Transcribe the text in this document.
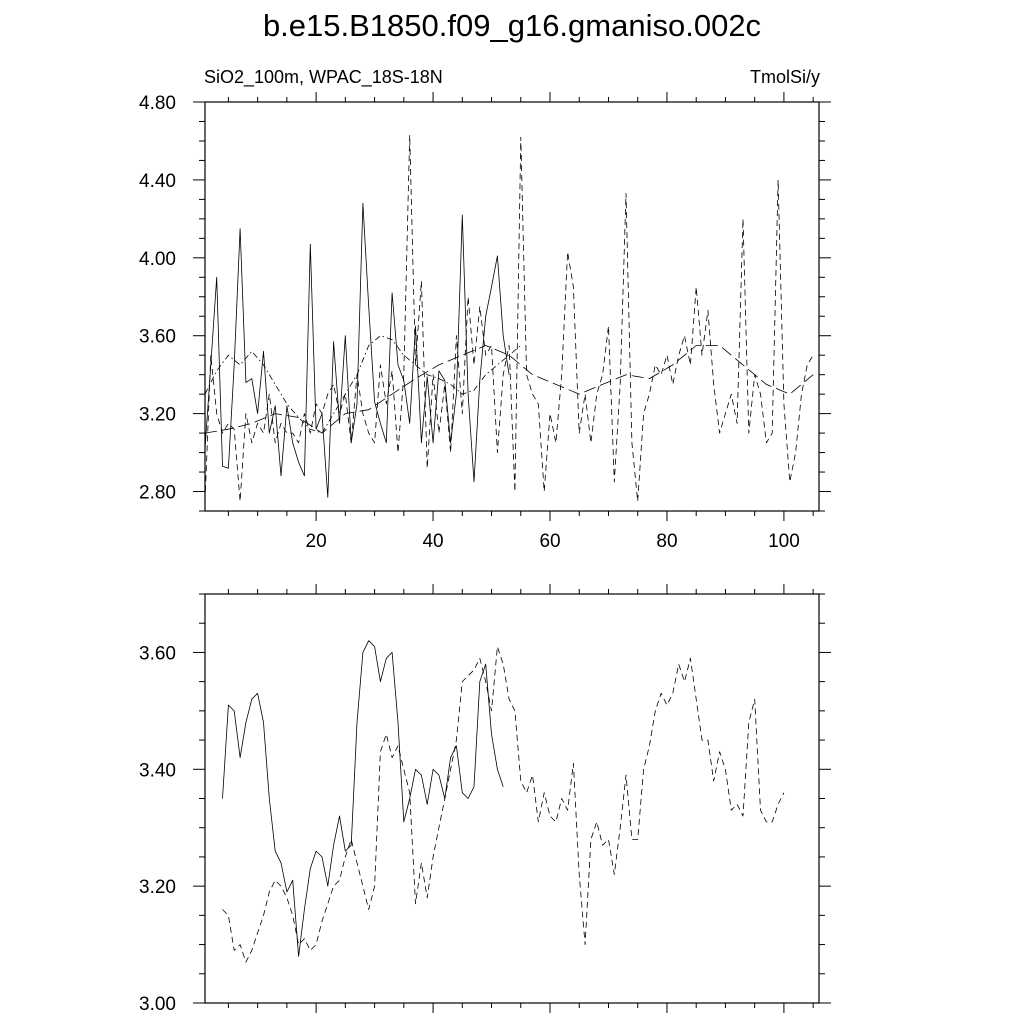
b.e15.B1850.f09_g16.gmaniso.002c
SiO2_100m, WPAC_18S-18N	TmolSi/y
20	40	60	80	100
2.80
3.20
3.60
4.00
4.40
4.80
3.00
3.20
3.40
3.60
